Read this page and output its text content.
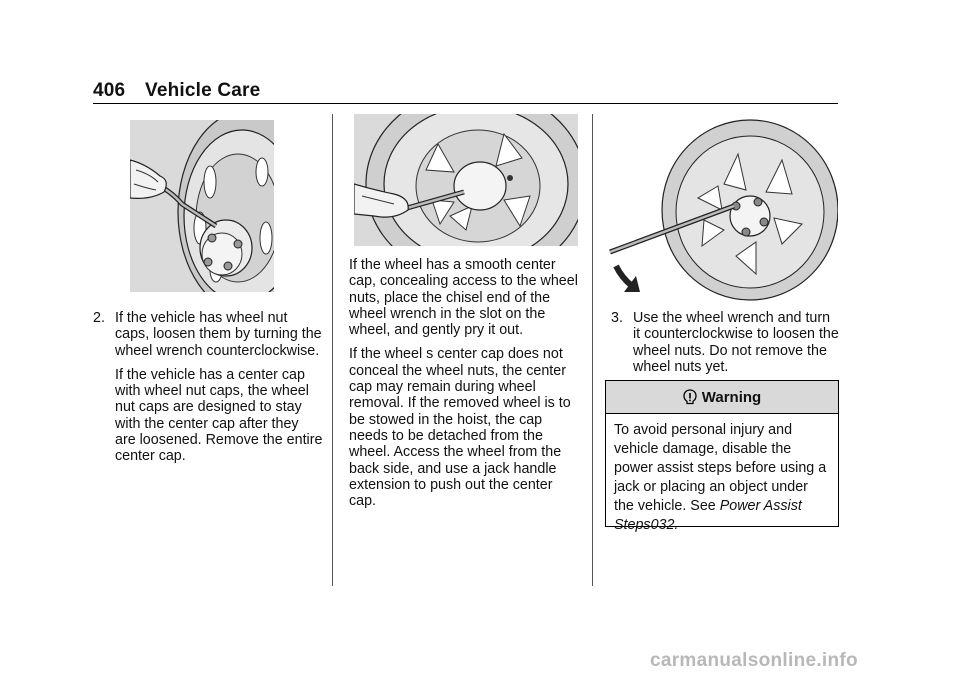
406 Vehicle Care

2. If the vehicle has wheel nut caps, loosen them by turning the wheel wrench counterclockwise.

If the vehicle has a center cap with wheel nut caps, the wheel nut caps are designed to stay with the center cap after they are loosened. Remove the entire center cap.

If the wheel has a smooth center cap, concealing access to the wheel nuts, place the chisel end of the wheel wrench in the slot on the wheel, and gently pry it out.

If the wheel s center cap does not conceal the wheel nuts, the center cap may remain during wheel removal. If the removed wheel is to be stowed in the hoist, the cap needs to be detached from the wheel. Access the wheel from the back side, and use a jack handle extension to push out the center cap.

3. Use the wheel wrench and turn it counterclockwise to loosen the wheel nuts. Do not remove the wheel nuts yet.

Warning
To avoid personal injury and vehicle damage, disable the power assist steps before using a jack or placing an object under the vehicle. See Power Assist Steps032.
carmanualsonline.info
